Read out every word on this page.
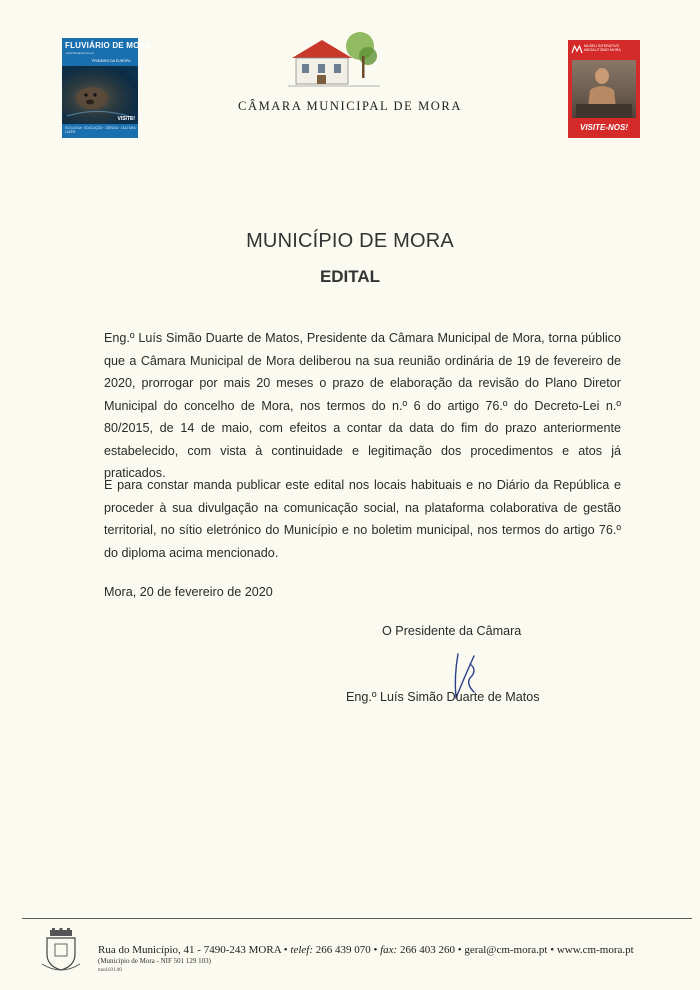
FLUVIÁRIO DE MORA
www.fluviariomora.pt
PRIMEIRO DA EUROPA
VISITE!
ECOLOGIA · EDUCAÇÃO · CIÊNCIA · CULTURA · LAZER
CÂMARA MUNICIPAL DE MORA
MUSEU INTERATIVO MEGALITISMO MORA
VISITE-NOS!
MUNICÍPIO DE MORA
EDITAL
Eng.º Luís Simão Duarte de Matos, Presidente da Câmara Municipal de Mora, torna público que a Câmara Municipal de Mora deliberou na sua reunião ordinária de 19 de fevereiro de 2020, prorrogar por mais 20 meses o prazo de elaboração da revisão do Plano Diretor Municipal do concelho de Mora, nos termos do n.º 6 do artigo 76.º do Decreto-Lei n.º 80/2015, de 14 de maio, com efeitos a contar da data do fim do prazo anteriormente estabelecido, com vista à continuidade e legitimação dos procedimentos e atos já praticados.
E para constar manda publicar este edital nos locais habituais e no Diário da República e proceder à sua divulgação na comunicação social, na plataforma colaborativa de gestão territorial, no sítio eletrónico do Município e no boletim municipal, nos termos do artigo 76.º do diploma acima mencionado.
Mora, 20 de fevereiro de 2020
O Presidente da Câmara
Eng.º Luís Simão Duarte de Matos
Rua do Município, 41 - 7490-243 MORA • telef: 266 439 070 • fax: 266 403 260 • geral@cm-mora.pt • www.cm-mora.pt
(Município de Mora - NIF 501 129 103)
mod.031.00
